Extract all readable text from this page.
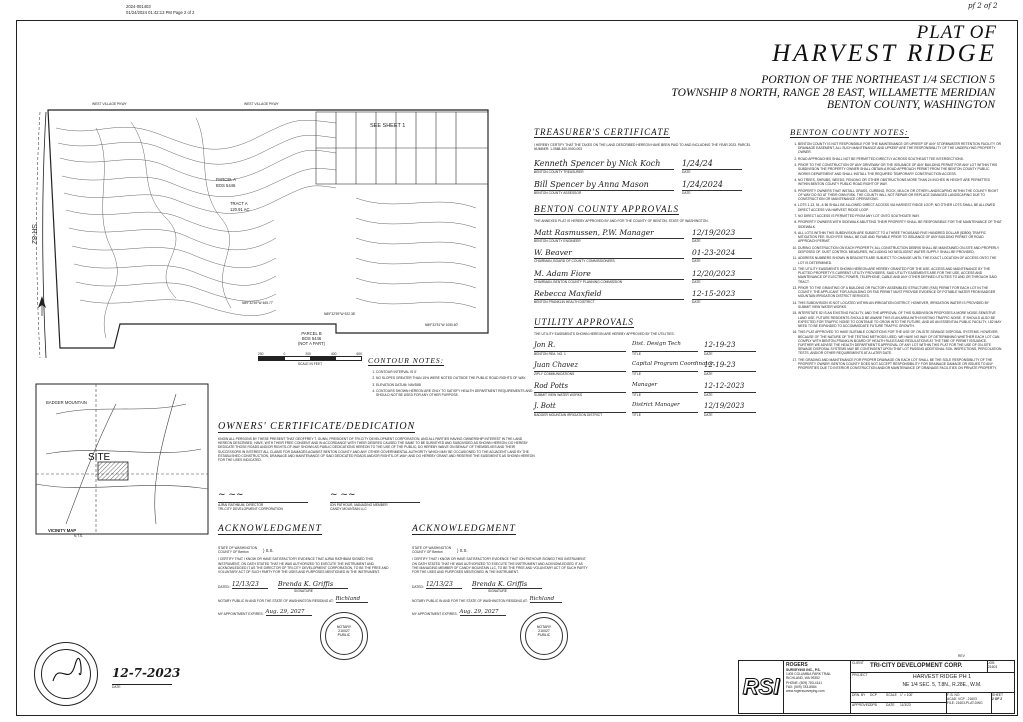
2024-001403
01/24/2024 01:42:13 PM Page 2 of 2
pf 2 of 2
PLAT OF
HARVEST RIDGE
PORTION OF THE NORTHEAST 1/4 SECTION 5
TOWNSHIP 8 NORTH, RANGE 28 EAST, WILLAMETTE MERIDIAN
BENTON COUNTY, WASHINGTON
WEST VILLAGE PKWY	WEST VILLAGE PKWY
SEE SHEET 1
SR-82
PARCEL A
BOS 5446
TRACT A
120.91 AC
N89°32'59"W 465.77'
N89°32'59"W 922.38'
N89°32'51"W 1050.60'
PARCEL B
BOS 5446
(NOT A PART)
200	0	200	400	600
SCALE IN FEET	CONTOUR NOTES:
1. CONTOUR INTERVAL IS 5'
2. NO SLOPES GREATER THAN 15% WERE NOTED OUTSIDE THE PUBLIC ROAD RIGHTS OF WAY.
3. ELEVATION DATUM: NAVD88
4. CONTOURS SHOWN HEREON ARE ONLY TO SATISFY HEALTH DEPARTMENT REQUIREMENTS AND SHOULD NOT BE USED FOR ANY OTHER PURPOSE.
TREASURER'S CERTIFICATE
I HEREBY CERTIFY THAT THE TAXES ON THE LAND DESCRIBED HEREON HAVE BEEN PAID TO AND INCLUDING THE YEAR 2023. PARCEL NUMBER: 1-0588-400-0000-003
Kenneth Spencer by Nick Koch
BENTON COUNTY TREASURER
1/24/24
DATE
Bill Spencer by Anna Mason
BENTON COUNTY ASSESSOR
1/24/2024
DATE
BENTON COUNTY APPROVALS
THE ANNEXED PLAT IS HEREBY APPROVED BY AND FOR THE COUNTY OF BENTON, STATE OF WASHINGTON.
Matt Rasmussen, P.W. Manager
BENTON COUNTY ENGINEER
12/19/2023
DATE
W. Beaver
CHAIRMAN, BOARD OF COUNTY COMMISSIONERS
01-23-2024
DATE
M. Adam Fiore
CHAIRMAN, BENTON COUNTY PLANNING COMMISSION
12/20/2023
DATE
Rebecca Maxfield
BENTON FRANKLIN HEALTH DISTRICT
12-15-2023
DATE
UTILITY APPROVALS
THE UTILITY EASEMENTS SHOWN HEREON ARE HEREBY APPROVED BY THE UTILITIES:
Jon R.
BENTON REA. NO. 1
Dist. Design Tech
TITLE
12-19-23
DATE
Juan Chavez
ZIPLY COMMUNICATIONS
Capital Program Coordinator
TITLE
12-19-23
DATE
Rod Potts
SUMMIT VIEW WATER WORKS
Manager
TITLE
12-12-2023
DATE
J. Bott
BADGER MOUNTAIN IRRIGATION DISTRICT
District Manager
TITLE
12/19/2023
DATE
BENTON COUNTY NOTES:
1. BENTON COUNTY IS NOT RESPONSIBLE FOR THE MAINTENANCE OR UPKEEP OF ANY STORMWATER RETENTION FACILITY OR DRAINAGE EASEMENT, ALL SUCH MAINTENANCE AND UPKEEP ARE THE RESPONSIBILITY OF THE UNDERLYING PROPERTY OWNER.
2. ROAD APPROACHES SHALL NOT BE PERMITTED DIRECTLY ACROSS SOUTHEAST TEE INTERSECTIONS.
3. PRIOR TO THE CONSTRUCTION OF ANY DRIVEWAY OR THE ISSUANCE OF ANY BUILDING PERMIT FOR ANY LOT WITHIN THIS SUBDIVISION THE PROPERTY OWNER SHALL OBTAIN A ROAD APPROACH PERMIT FROM THE BENTON COUNTY PUBLIC WORKS DEPARTMENT AND SHALL INSTALL THE REQUIRED TEMPORARY CONSTRUCTION ACCESS.
4. NO TREES, SHRUBS, WEEDS, FENCING OR OTHER OBSTRUCTIONS MORE THAN 24 INCHES IN HEIGHT ARE PERMITTED WITHIN BENTON COUNTY PUBLIC ROAD RIGHT OF WAY.
5. PROPERTY OWNERS THAT INSTALL GRASS, CURBING, ROCK, MULCH OR OTHER LANDSCAPING WITHIN THE COUNTY RIGHT OF WAY DO SO AT THEIR OWN RISK. THE COUNTY WILL NOT REPAIR OR REPLACE DAMAGED LANDSCAPING DUE TO CONSTRUCTION OR MAINTENANCE OPERATIONS.
6. LOTS 1-13, 51, & 56 SHALL BE ALLOWED DIRECT ACCESS VIA HARVEST RIDGE LOOP; NO OTHER LOTS SHALL BE ALLOWED DIRECT ACCESS VIA HARVEST RIDGE LOOP.
7. NO DIRECT ACCESS IS PERMITTED FROM ANY LOT ONTO SOUTHGATE WAY.
8. PROPERTY OWNERS WITH SIDEWALK ABUTTING THEIR PROPERTY SHALL BE RESPONSIBLE FOR THE MAINTENANCE OF THAT SIDEWALK.
9. ALL LOTS WITHIN THIS SUBDIVISION ARE SUBJECT TO A THREE THOUSAND FIVE HUNDRED DOLLAR ($3500) TRAFFIC MITIGATION FEE. SUCH FEE SHALL BE DUE AND PAYABLE PRIOR TO ISSUANCE OF ANY BUILDING PERMIT OR ROAD APPROACH PERMIT.
10. DURING CONSTRUCTION ON EACH PROPERTY, ALL CONSTRUCTION DEBRIS SHALL BE MAINTAINED ON-SITE AND PROPERLY DISPOSED OF. DUST CONTROL MEASURES, INCLUDING NO NEGLIGENT WATER SUPPLY SHALL BE PROVIDED.
11. ADDRESS NUMBERS SHOWN IN BRACKETS ARE SUBJECT TO CHANGE UNTIL THE EXACT LOCATION OF ACCESS ONTO THE LOT IS DETERMINED.
12. THE UTILITY EASEMENTS SHOWN HEREON ARE HEREBY GRANTED FOR THE USE, ACCESS AND MAINTENANCE BY THE PLATTED PROPERTY'S CURRENT UTILITY PROVIDERS. SAID UTILITY EASEMENTS ARE FOR THE USE, ACCESS AND MAINTENANCE OF ELECTRIC POWER, TELEPHONE, CABLE AND ANY OTHER DEFINED UTILITIES TO AND OR THROUGH SAID TRACT.
13. PRIOR TO THE GRANTING OF A BUILDING OR FACTORY ASSEMBLED STRUCTURE (FAS) PERMIT FOR EACH LOT IN THE COUNTY, THE APPLICANT FOR A BUILDING OR FAS PERMIT MUST PROVIDE EVIDENCE OF POTABLE WATER FROM BADGER MOUNTAIN IRRIGATION DISTRICT SERVICES.
14. THIS SUBDIVISION IS NOT LOCATED WITHIN AN IRRIGATION DISTRICT; HOWEVER, IRRIGATION WATER IS PROVIDED BY SUMMIT VIEW WATER WORKS.
15. INTERSTATE 82 IS AN EXISTING FACILITY, AND THE APPROVAL OF THIS SUBDIVISION PROPOSES A MORE NOISE-SENSITIVE LAND USE. FUTURE RESIDENTS SHOULD BE AWARE THIS IS AN AREA WITH EXISTING TRAFFIC NOISE. IT SHOULD ALSO BE EXPECTED FOR TRAFFIC NOISE TO CONTINUE TO GROW INTO THE FUTURE, AND AS AN ESSENTIAL PUBLIC FACILITY, I-82 MAY NEED TO BE EXPANDED TO ACCOMMODATE FUTURE TRAFFIC GROWTH.
16. THIS PLAT APPROVED TO HAVE SUITABLE CONDITIONS FOR THE USE OF ON-SITE SEWAGE DISPOSAL SYSTEMS. HOWEVER, BECAUSE OF THE NATURE OF THE TESTING METHODS USED, WE HAVE NO WAY OF DETERMINING WHETHER EACH LOT CAN COMPLY WITH BENTON-FRANKLIN BOARD OF HEALTH RULES AND REGULATIONS AT THE TIME OF PERMIT ISSUANCE. FURTHER WE ADVISE THE HEALTH DEPARTMENT'S APPROVAL OF ANY LOT WITHIN THIS PLAT FOR THE USE OF ON-SITE SEWAGE DISPOSAL SYSTEMS MAY BE CONTINGENT UPON THAT LOT PASSING ADDITIONAL SOIL INSPECTIONS, PERCOLATION TESTS, AND/OR OTHER REQUIREMENTS AT A LATER DATE.
17. THE GRADING AND MAINTENANCE FOR PROPER DRAINAGE ON EACH LOT SHALL BE THE SOLE RESPONSIBILITY OF THE PROPERTY OWNER. BENTON COUNTY DOES NOT ACCEPT RESPONSIBILITY FOR DRAINAGE DAMAGE OR ISSUES TO ANY PROPERTIES DUE TO INTERIOR CONSTRUCTION AND/OR MAINTENANCE OF DRAINAGE FACILITIES ON PRIVATE PROPERTY.
BADGER MOUNTAIN
SITE
VICINITY MAP
N.T.S.
OWNERS' CERTIFICATE/DEDICATION
KNOW ALL PERSONS BY THESE PRESENT THAT GEOFFREY T. GUNN, PRESIDENT OF TRI-CITY DEVELOPMENT CORPORATION, AND ALL PARTIES HAVING OWNERSHIP INTEREST IN THE LAND HEREON DESCRIBED, HAVE, WITH THEIR FREE CONSENT AND IN ACCORDANCE WITH THEIR DESIRES CAUSED THE SAME TO BE SURVEYED AND SUBDIVIDED AS SHOWN HEREON; DO HEREBY DEDICATE THOSE ROADS AND/OR RIGHTS-OF-WAY SHOWN AS PUBLIC DEDICATIONS HEREON TO THE USE OF THE PUBLIC; DO HEREBY WAIVE ON BEHALF OF THEMSELVES AND THEIR SUCCESSORS IN INTEREST ALL CLAIMS FOR DAMAGES AGAINST BENTON COUNTY AND ANY OTHER GOVERNMENTAL AUTHORITY WHICH MAY BE OCCASIONED TO THE ADJACENT LAND BY THE ESTABLISHED CONSTRUCTION, DRAINAGE AND MAINTENANCE OF SAID DEDICATED ROADS AND/OR RIGHTS-OF-WAY; AND DO HEREBY GRANT AND RESERVE THE EASEMENTS AS SHOWN HEREON FOR THE USES INDICATED.
~ ~~
AJRAI RATHBUM, DIRECTOR
TRI-CITY DEVELOPMENT CORPORATION
~ ~~
ION PATHOUR, MANAGING MEMBER
CANDY MOUNTAIN LLC
ACKNOWLEDGMENT
STATE OF WASHINGTON
COUNTY OF Benton	} S.S.
I CERTIFY THAT I KNOW OR HAVE SATISFACTORY EVIDENCE THAT AJRAI RATHBUM SIGNED THIS INSTRUMENT, ON OATH STATED THAT HE WAS AUTHORIZED TO EXECUTE THE INSTRUMENT AND ACKNOWLEDGED IT AS THE DIRECTOR OF TRI-CITY DEVELOPMENT CORPORATION, TO BE THE FREE AND VOLUNTARY ACT OF SUCH PARTY FOR THE USES AND PURPOSES MENTIONED IN THE INSTRUMENT.
DATED: 12/13/23	Brenda K. Griffis
SIGNATURE
NOTARY PUBLIC IN AND FOR THE STATE OF WASHINGTON RESIDING AT: Richland
MY APPOINTMENT EXPIRES: Aug. 29, 2027
ACKNOWLEDGMENT
STATE OF WASHINGTON
COUNTY OF Benton	} S.S.
I CERTIFY THAT I KNOW OR HAVE SATISFACTORY EVIDENCE THAT ION PATHOUR SIGNED THIS INSTRUMENT, ON OATH STATED THAT HE WAS AUTHORIZED TO EXECUTE THE INSTRUMENT AND ACKNOWLEDGED IT AS THE MANAGING MEMBER OF CANDY MOUNTAIN LLC, TO BE THE FREE AND VOLUNTARY ACT OF SUCH PARTY FOR THE USES AND PURPOSES MENTIONED IN THE INSTRUMENT.
DATED: 12/13/23	Brenda K. Griffis
SIGNATURE
NOTARY PUBLIC IN AND FOR THE STATE OF WASHINGTON RESIDING AT: Richland
MY APPOINTMENT EXPIRES: Aug. 29, 2027
NOTARY
210027
PUBLIC
NOTARY
210027
PUBLIC
12-7-2023
DATE	RSI
ROGERS
SURVEYING INC., P.S.
1405 COLUMBIA PARK TRAIL
RICHLAND, WA 99352
PHONE: (509) 783-4141
FAX: (509) 783-8584
www.rogerssurveying.com
CLIENT	TRI-CITY DEVELOPMENT CORP.	JOB
21603
PROJECT	HARVEST RIDGE PH 1
NE 1/4 SEC. 5, T.8N., R.28E., W.M.
DRN. BY	DCP	SCALE 1" = 100'
APPROVED DPB	DATE	11/3/23
F. B. NO.
ACAD: VCP - 21603
FILE: 21603-PLAT.DWG
SHEET
2 OF 2
REV
